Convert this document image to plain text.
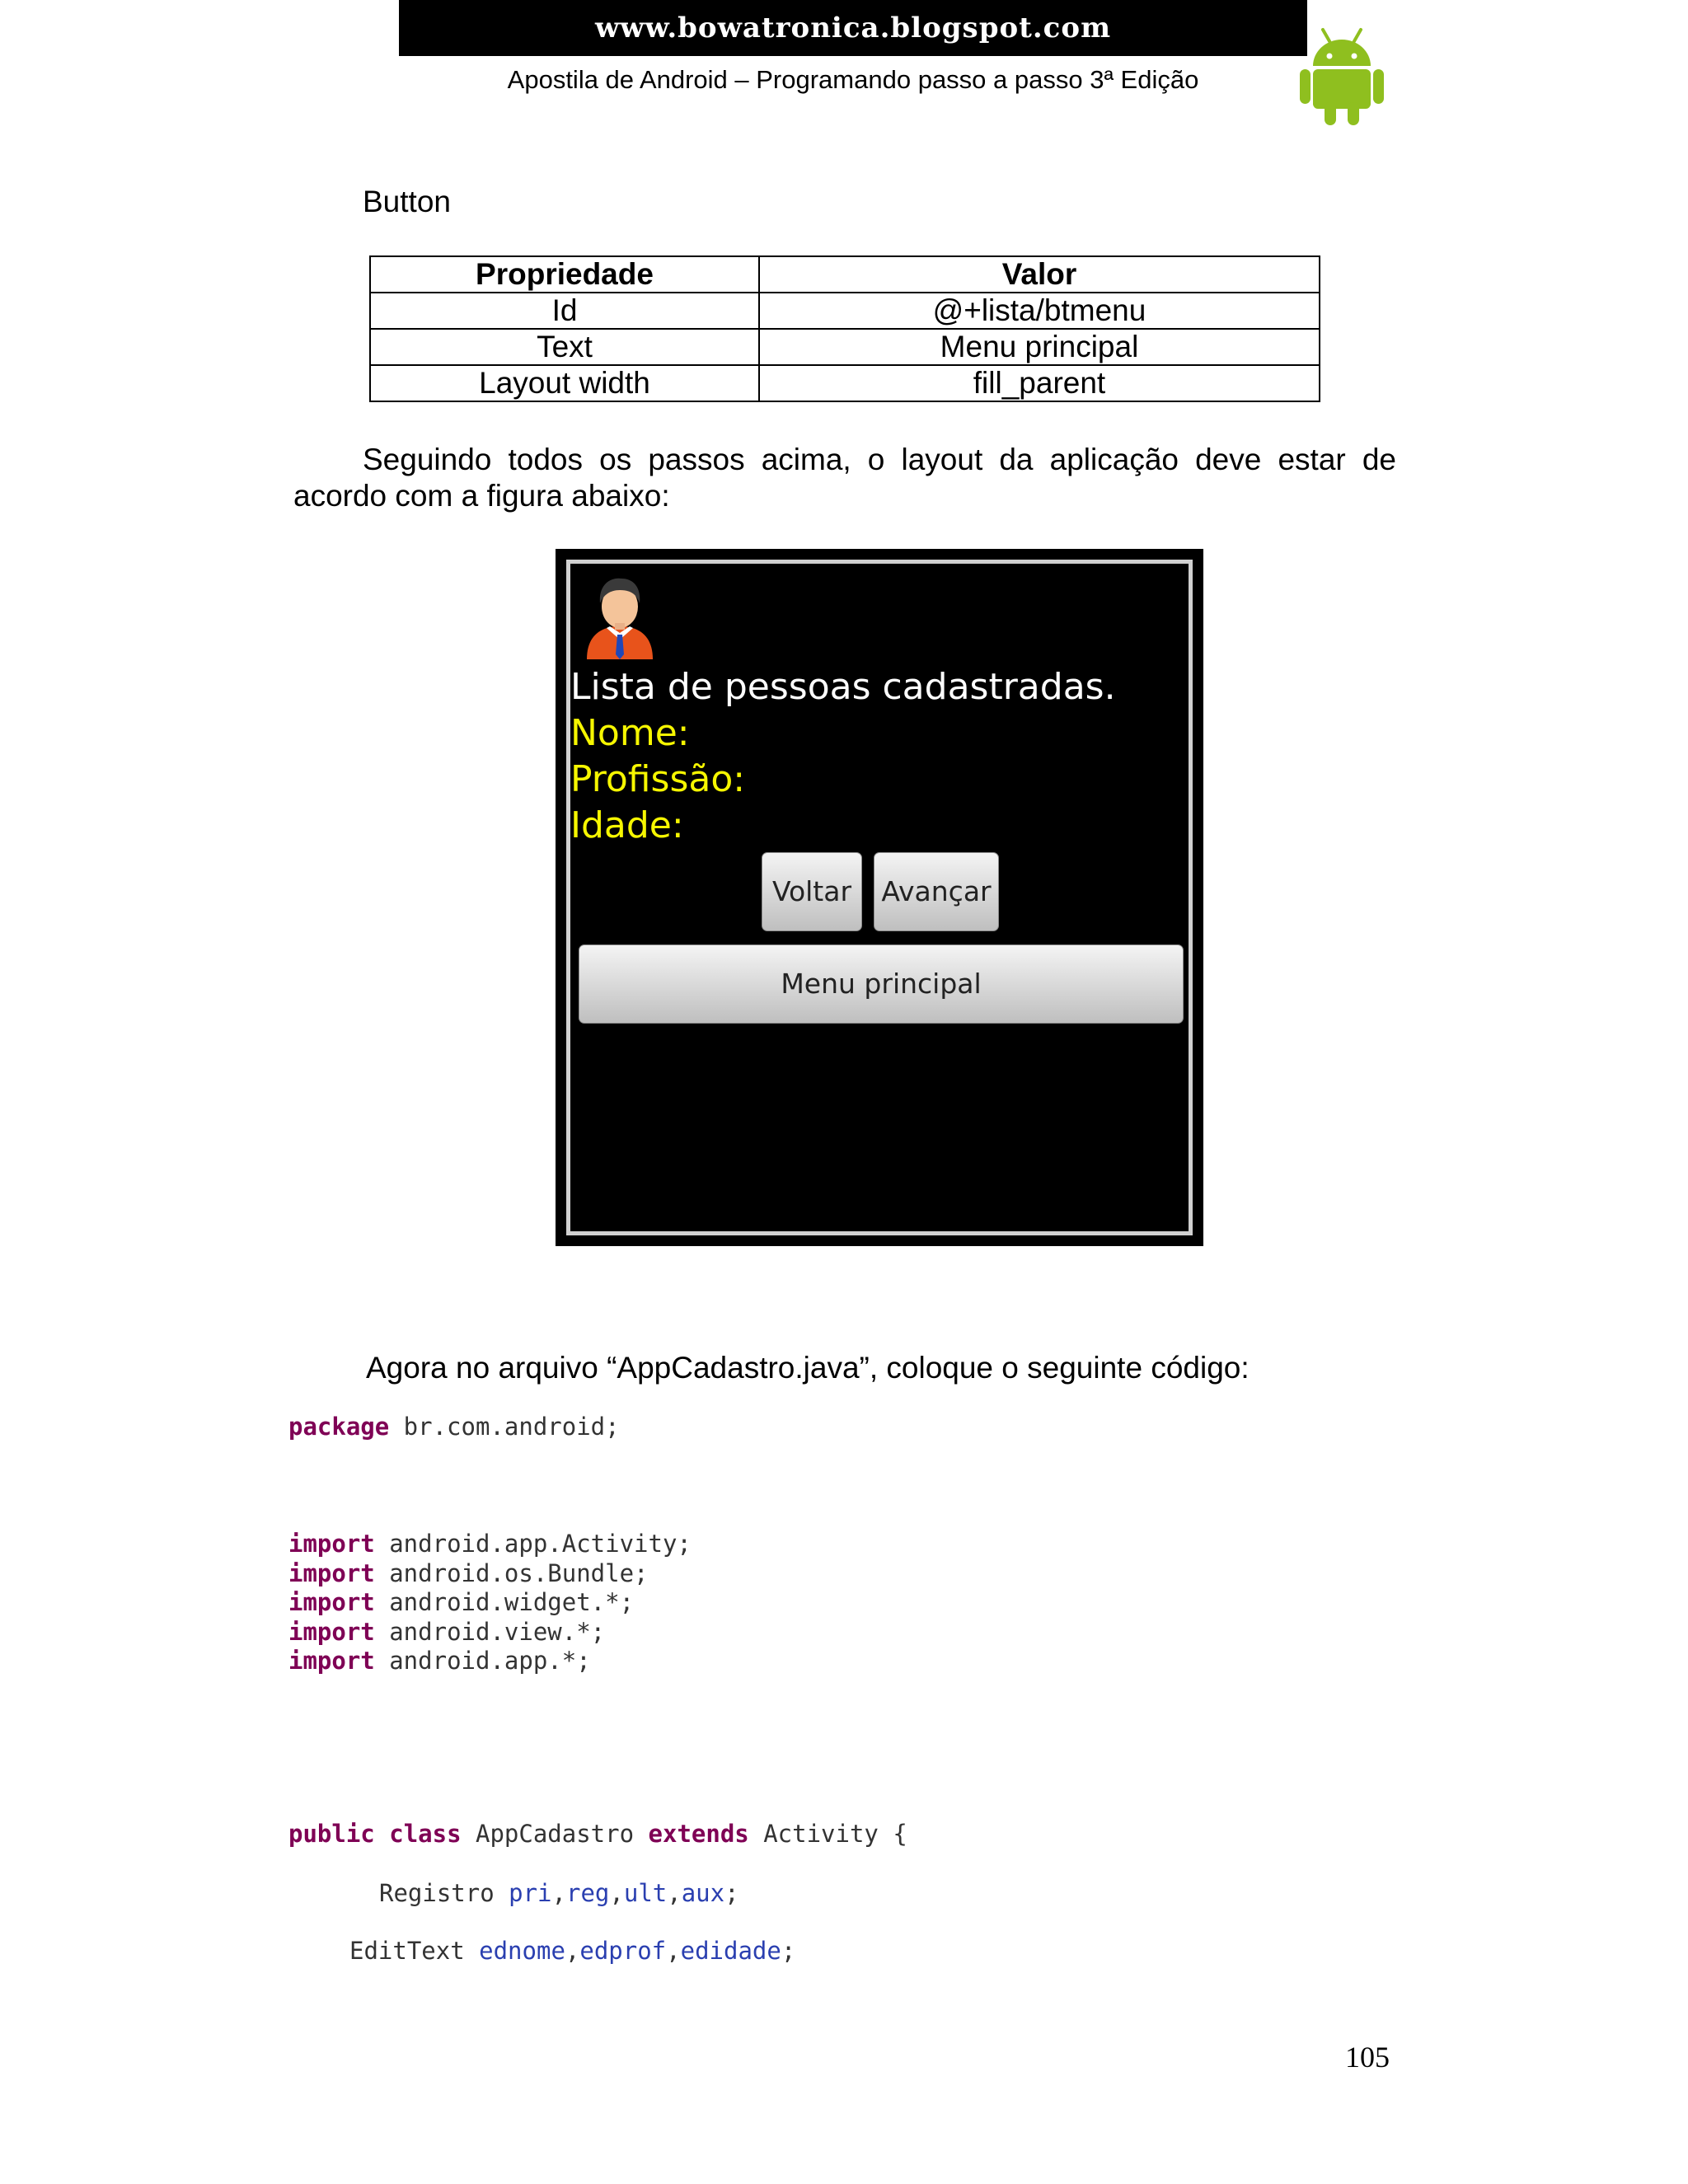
www.bowatronica.blogspot.com
Apostila de Android – Programando passo a passo 3ª Edição
Button
Propriedade	Valor
Id	@+lista/btmenu
Text	Menu principal
Layout width	fill_parent
Seguindo todos os passos acima, o layout da aplicação deve estar de acordo com a figura abaixo:
Lista de pessoas cadastradas.
Nome:
Profissão:
Idade:
Voltar	Avançar
Menu principal
Agora no arquivo “AppCadastro.java”, coloque o seguinte código:
package br.com.android;
import android.app.Activity;
import android.os.Bundle;
import android.widget.*;
import android.view.*;
import android.app.*;
public class AppCadastro extends Activity {
Registro pri,reg,ult,aux;
EditText ednome,edprof,edidade;
105
